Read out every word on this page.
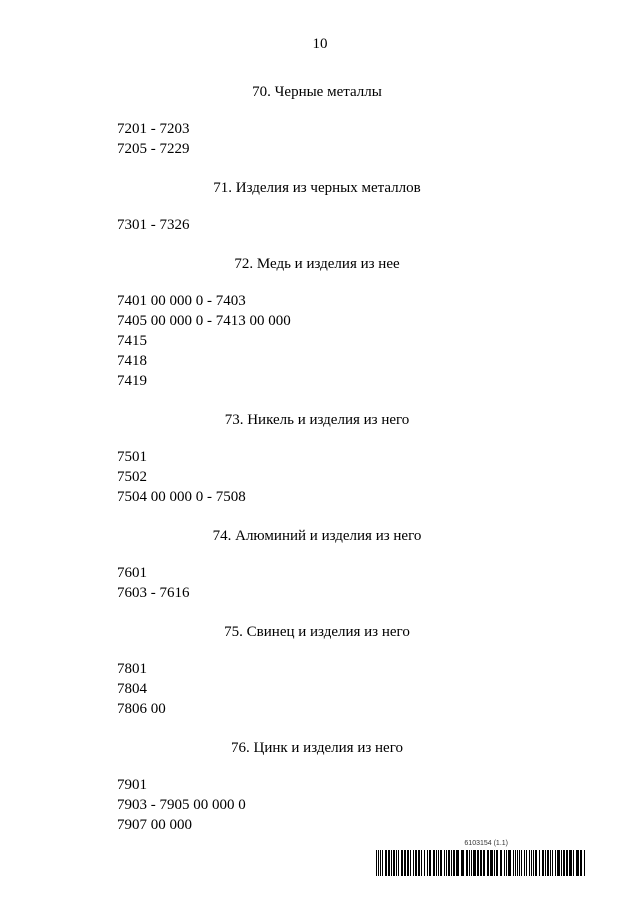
10
70. Черные металлы
7201 - 7203
7205 - 7229
71. Изделия из черных металлов
7301 - 7326
72. Медь и изделия из нее
7401 00 000 0 - 7403
7405 00 000 0 - 7413 00 000
7415
7418
7419
73. Никель и изделия из него
7501
7502
7504 00 000 0 - 7508
74. Алюминий и изделия из него
7601
7603 - 7616
75. Свинец и изделия из него
7801
7804
7806 00
76. Цинк и изделия из него
7901
7903 - 7905 00 000 0
7907 00 000
6103154 (1.1)
